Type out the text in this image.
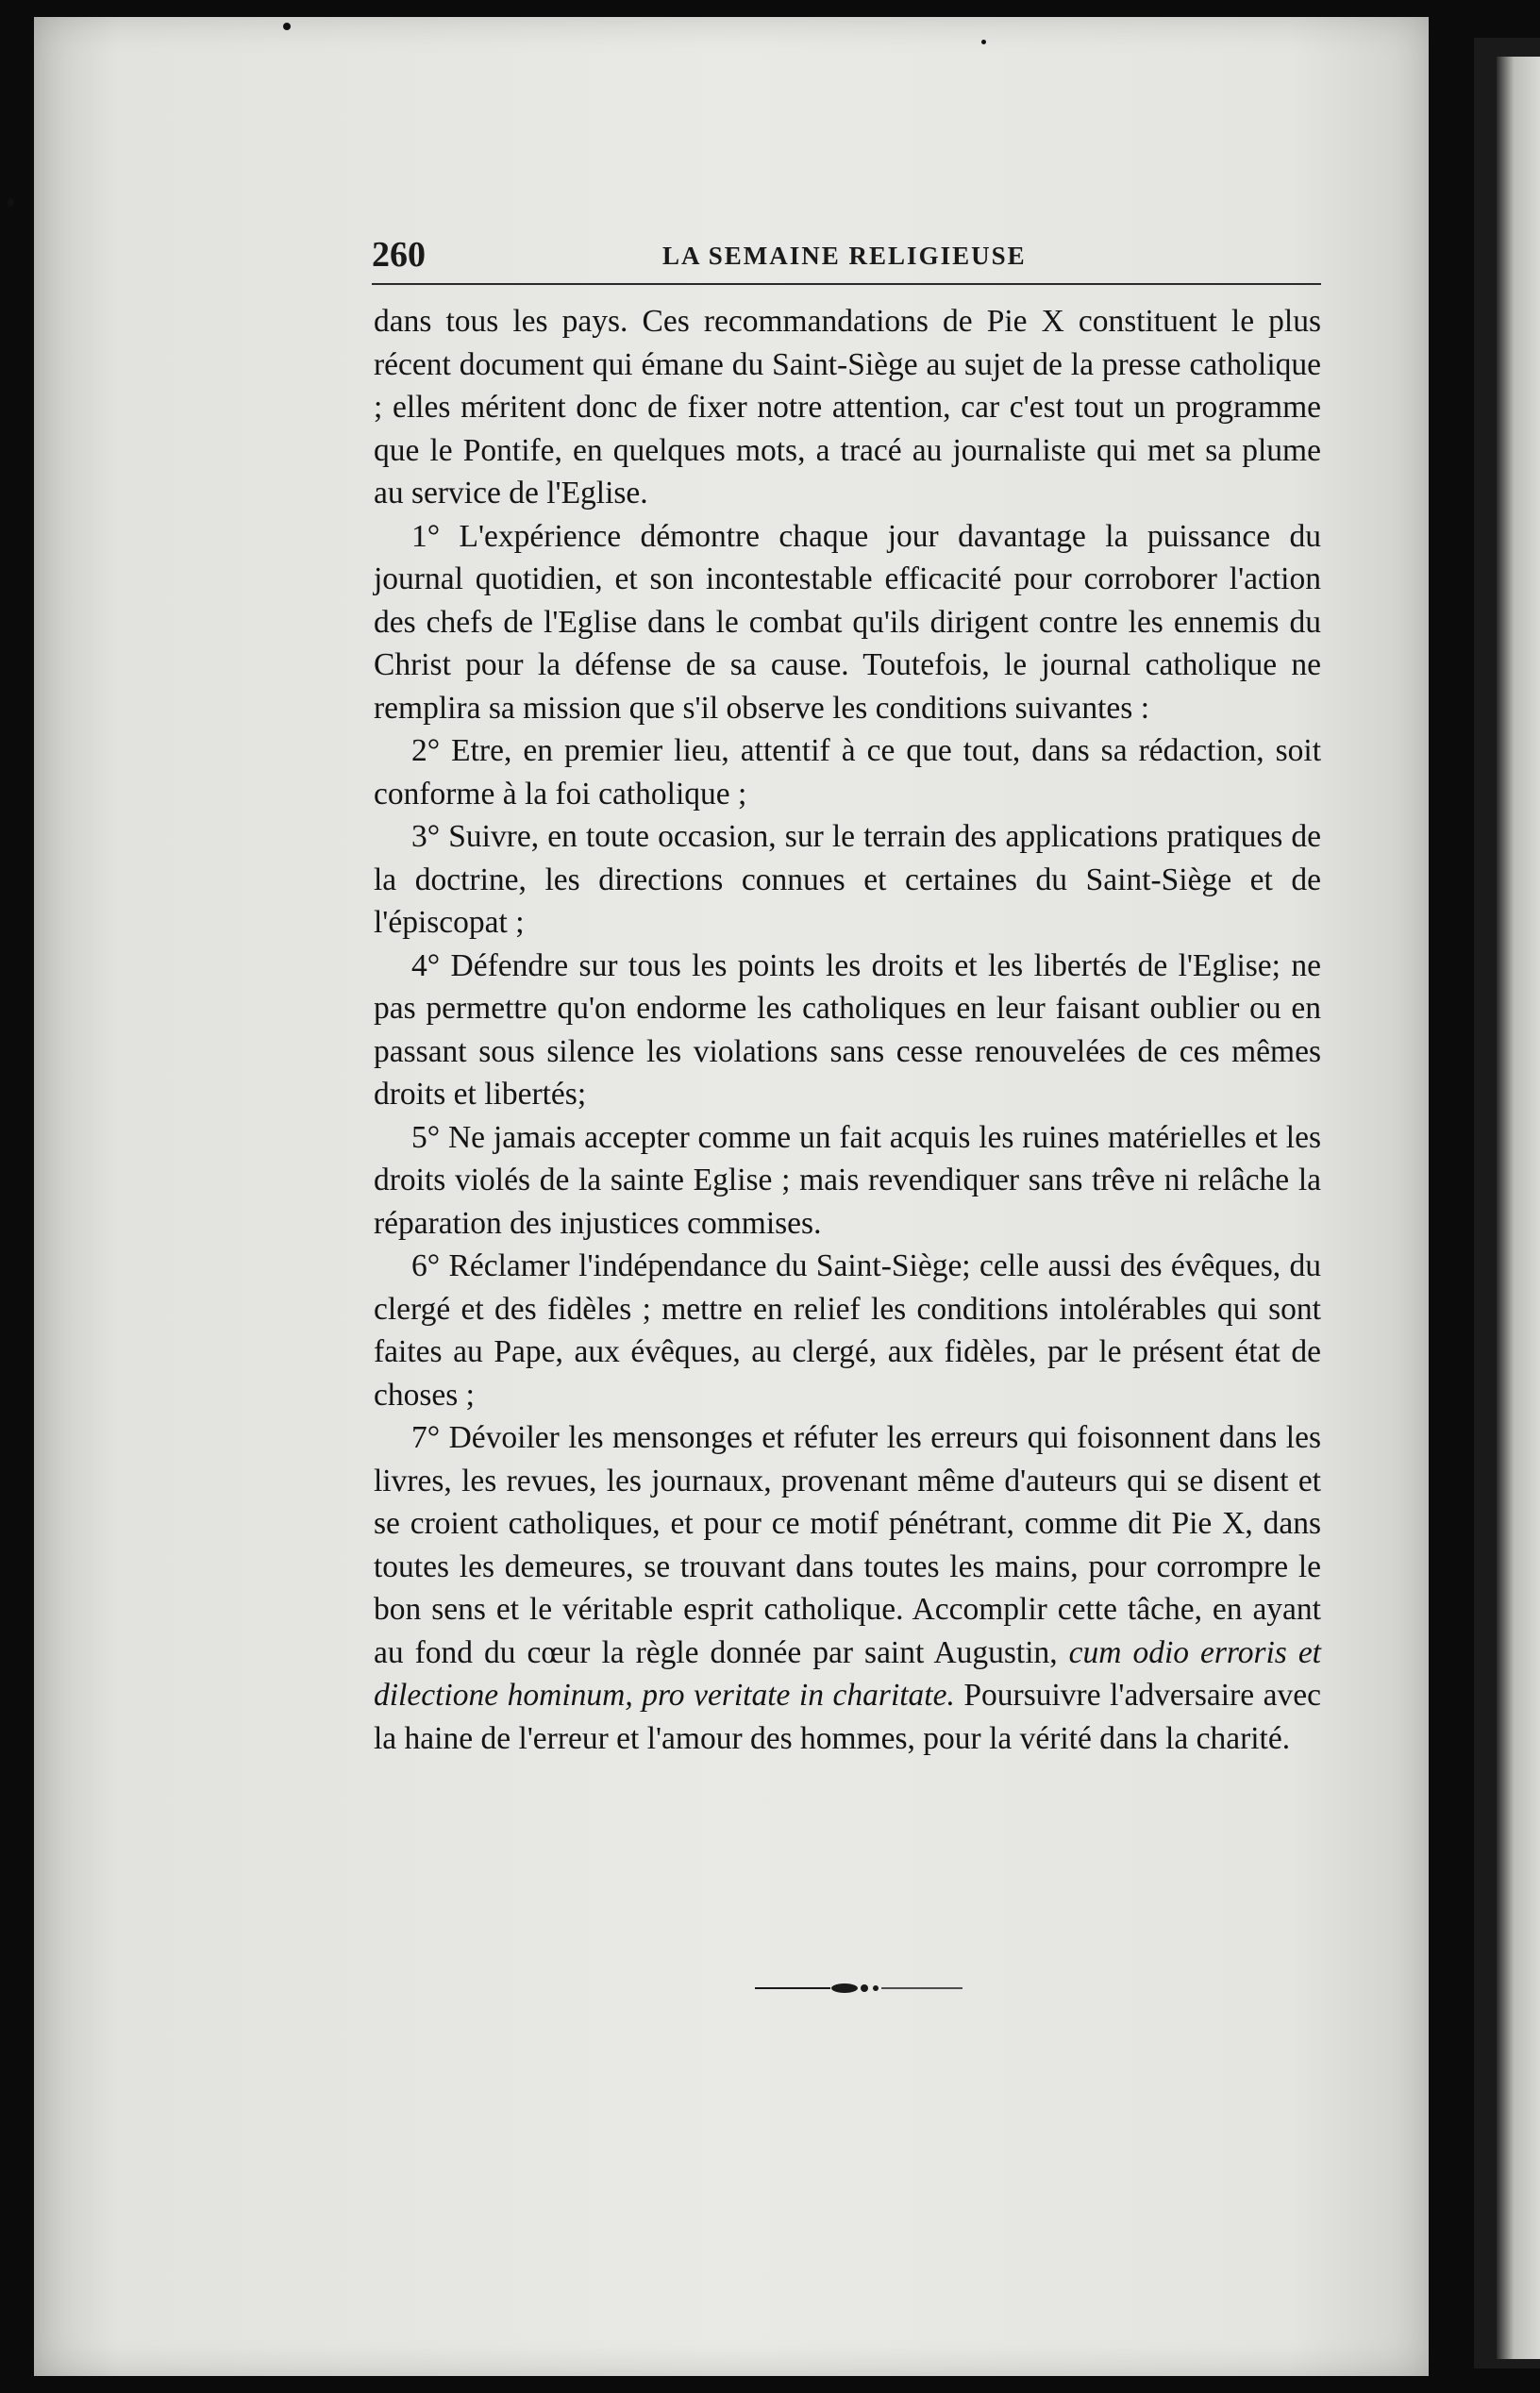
260	LA SEMAINE RELIGIEUSE

dans tous les pays. Ces recommandations de Pie X constituent le plus récent document qui émane du Saint-Siège au sujet de la presse catholique ; elles méritent donc de fixer notre attention, car c'est tout un programme que le Pontife, en quelques mots, a tracé au journaliste qui met sa plume au service de l'Eglise.

1° L'expérience démontre chaque jour davantage la puissance du journal quotidien, et son incontestable efficacité pour corroborer l'action des chefs de l'Eglise dans le combat qu'ils dirigent contre les ennemis du Christ pour la défense de sa cause. Toutefois, le journal catholique ne remplira sa mission que s'il observe les conditions suivantes :

2° Etre, en premier lieu, attentif à ce que tout, dans sa rédaction, soit conforme à la foi catholique ;

3° Suivre, en toute occasion, sur le terrain des applications pratiques de la doctrine, les directions connues et certaines du Saint-Siège et de l'épiscopat ;

4° Défendre sur tous les points les droits et les libertés de l'Eglise; ne pas permettre qu'on endorme les catholiques en leur faisant oublier ou en passant sous silence les violations sans cesse renouvelées de ces mêmes droits et libertés;

5° Ne jamais accepter comme un fait acquis les ruines matérielles et les droits violés de la sainte Eglise ; mais revendiquer sans trêve ni relâche la réparation des injustices commises.

6° Réclamer l'indépendance du Saint-Siège; celle aussi des évêques, du clergé et des fidèles ; mettre en relief les conditions intolérables qui sont faites au Pape, aux évêques, au clergé, aux fidèles, par le présent état de choses ;

7° Dévoiler les mensonges et réfuter les erreurs qui foisonnent dans les livres, les revues, les journaux, provenant même d'auteurs qui se disent et se croient catholiques, et pour ce motif pénétrant, comme dit Pie X, dans toutes les demeures, se trouvant dans toutes les mains, pour corrompre le bon sens et le véritable esprit catholique. Accomplir cette tâche, en ayant au fond du cœur la règle donnée par saint Augustin, cum odio erroris et dilectione hominum, pro veritate in charitate. Poursuivre l'adversaire avec la haine de l'erreur et l'amour des hommes, pour la vérité dans la charité.
